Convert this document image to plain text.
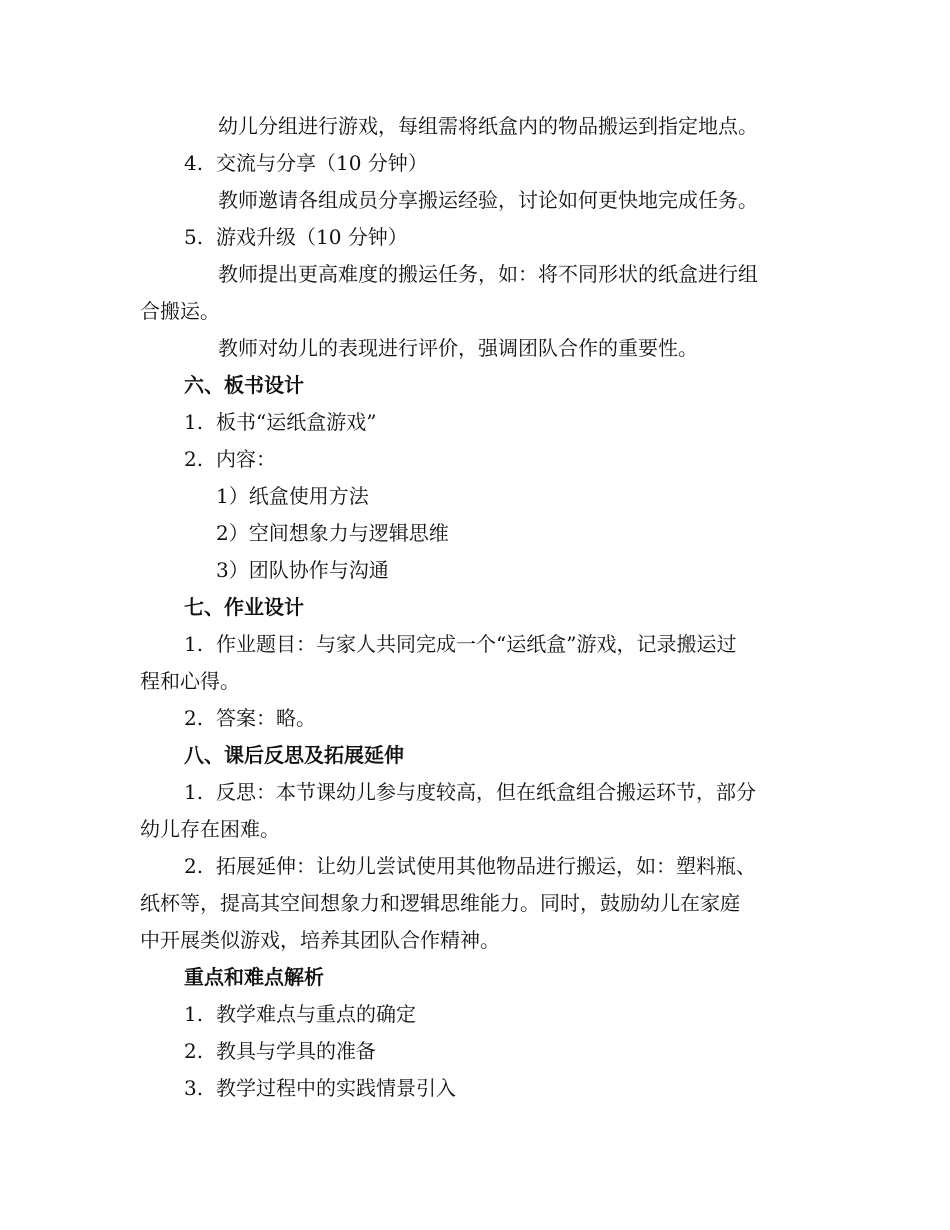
幼儿分组进行游戏，每组需将纸盒内的物品搬运到指定地点。
4. 交流与分享（10 分钟）
教师邀请各组成员分享搬运经验，讨论如何更快地完成任务。
5. 游戏升级（10 分钟）
教师提出更高难度的搬运任务，如：将不同形状的纸盒进行组
合搬运。
教师对幼儿的表现进行评价，强调团队合作的重要性。
六、板书设计
1. 板书“运纸盒游戏”
2. 内容：
1）纸盒使用方法
2）空间想象力与逻辑思维
3）团队协作与沟通
七、作业设计
1. 作业题目：与家人共同完成一个“运纸盒”游戏，记录搬运过
程和心得。
2. 答案：略。
八、课后反思及拓展延伸
1. 反思：本节课幼儿参与度较高，但在纸盒组合搬运环节，部分
幼儿存在困难。
2. 拓展延伸：让幼儿尝试使用其他物品进行搬运，如：塑料瓶、
纸杯等，提高其空间想象力和逻辑思维能力。同时，鼓励幼儿在家庭
中开展类似游戏，培养其团队合作精神。
重点和难点解析
1. 教学难点与重点的确定
2. 教具与学具的准备
3. 教学过程中的实践情景引入
